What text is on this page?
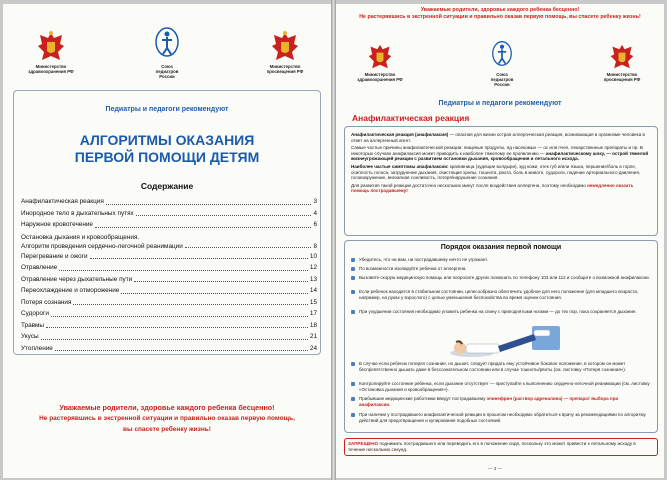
Министерство
здравоохранения РФ
Союз
педиатров
России
Министерство
просвещения РФ
Педиатры и педагоги рекомендуют
АЛГОРИТМЫ ОКАЗАНИЯ
ПЕРВОЙ ПОМОЩИ ДЕТЯМ
Содержание
Анафилактическая реакция	3
Инородное тело в дыхательных путях	4
Наружное кровотечение	6
Остановка дыхания и кровообращения.
Алгоритм проведения сердечно-легочной реанимации	8
Перегревание и ожоги	10
Отравление	12
Отравление через дыхательные пути	13
Переохлаждение и отморожение	14
Потеря сознания	15
Судороги	17
Травмы	18
Укусы	21
Утопление	24
Уважаемые родители, здоровье каждого ребенка бесценно!
Не растерявшись в экстренной ситуации и правильно оказав первую помощь,
вы спасете ребенку жизнь!
Уважаемые родители, здоровье каждого ребенка бесценно!
Не растерявшись в экстренной ситуации и правильно оказав первую помощь, вы спасете ребенку жизнь!
Министерство
здравоохранения РФ
Союз
педиатров
России
Министерство
просвещения РФ
Педиатры и педагоги рекомендуют
Анафилактическая реакция
Анафилактическая реакция (анафилаксия) — опасная для жизни острая аллергическая реакция, возникающая в организме человека в ответ на аллергенный агент.
Самые частые причины анафилактической реакции: пищевые продукты, яд насекомых — ос или пчел, лекарственные препараты и пр. В некоторых случаях анафилаксия может приводить к наиболее тяжелому ее проявлению — анафилактическому шоку, — острой тяжелой жизнеугрожающей реакции с развитием остановки дыхания, кровообращения и летального исхода.
Наиболее частые симптомы анафилаксии: крапивница (зудящие волдыри), зуд кожи, отек губ и/или языка, першение/боль в горле, осиплость голоса, затруднение дыхания, свистящие хрипы, тошнота, рвота, боль в животе, судороги, падение артериального давления, головокружение, внезапная сонливость, потеря/нарушение сознания.
Для развития такой реакции достаточно нескольких минут после воздействия аллергена, поэтому необходимо немедленно оказать помощь пострадавшему!
Порядок оказания первой помощи
Убедитесь, что ни вам, ни пострадавшему ничто не угрожает.
По возможности изолируйте ребенка от аллергена.
Вызовите скорую медицинскую помощь или попросите других позвонить по телефону 103 или 112 и сообщите о возможной анафилаксии.
Если ребенок находится в стабильном состоянии, целесообразно обеспечить удобное для него положение (для младшего возраста, например, на руках у взрослого) с целью уменьшения беспокойства во время оценки состояния.
При ухудшении состояния необходимо уложить ребенка на спину с приподнятыми ногами — до тех пор, пока сохраняется дыхание.
В случае если ребенок потерял сознание, но дышит, следует придать ему устойчивое боковое положение, в котором он может беспрепятственно дышать даже в бессознательном состоянии или в случае тошноты/рвоты (см. листовку «Потеря сознания»).
Контролируйте состояние ребенка, если дыхание отсутствует — приступайте к выполнению сердечно-легочной реанимации (см. листовку «Остановка дыхания и кровообращения»).
Прибывшие медицинские работники введут пострадавшему эпинефрин (раствор адреналина) — препарат выбора при анафилаксии.
При наличии у пострадавшего анафилактической реакции в прошлом необходимо обратиться к врачу за рекомендациями по алгоритму действий для предотвращения и купирования подобных состояний.
ЗАПРЕЩЕНО поднимать пострадавшего или переводить его в положение сидя, поскольку это может привести к летальному исходу в течение нескольких секунд.
— 3 —
